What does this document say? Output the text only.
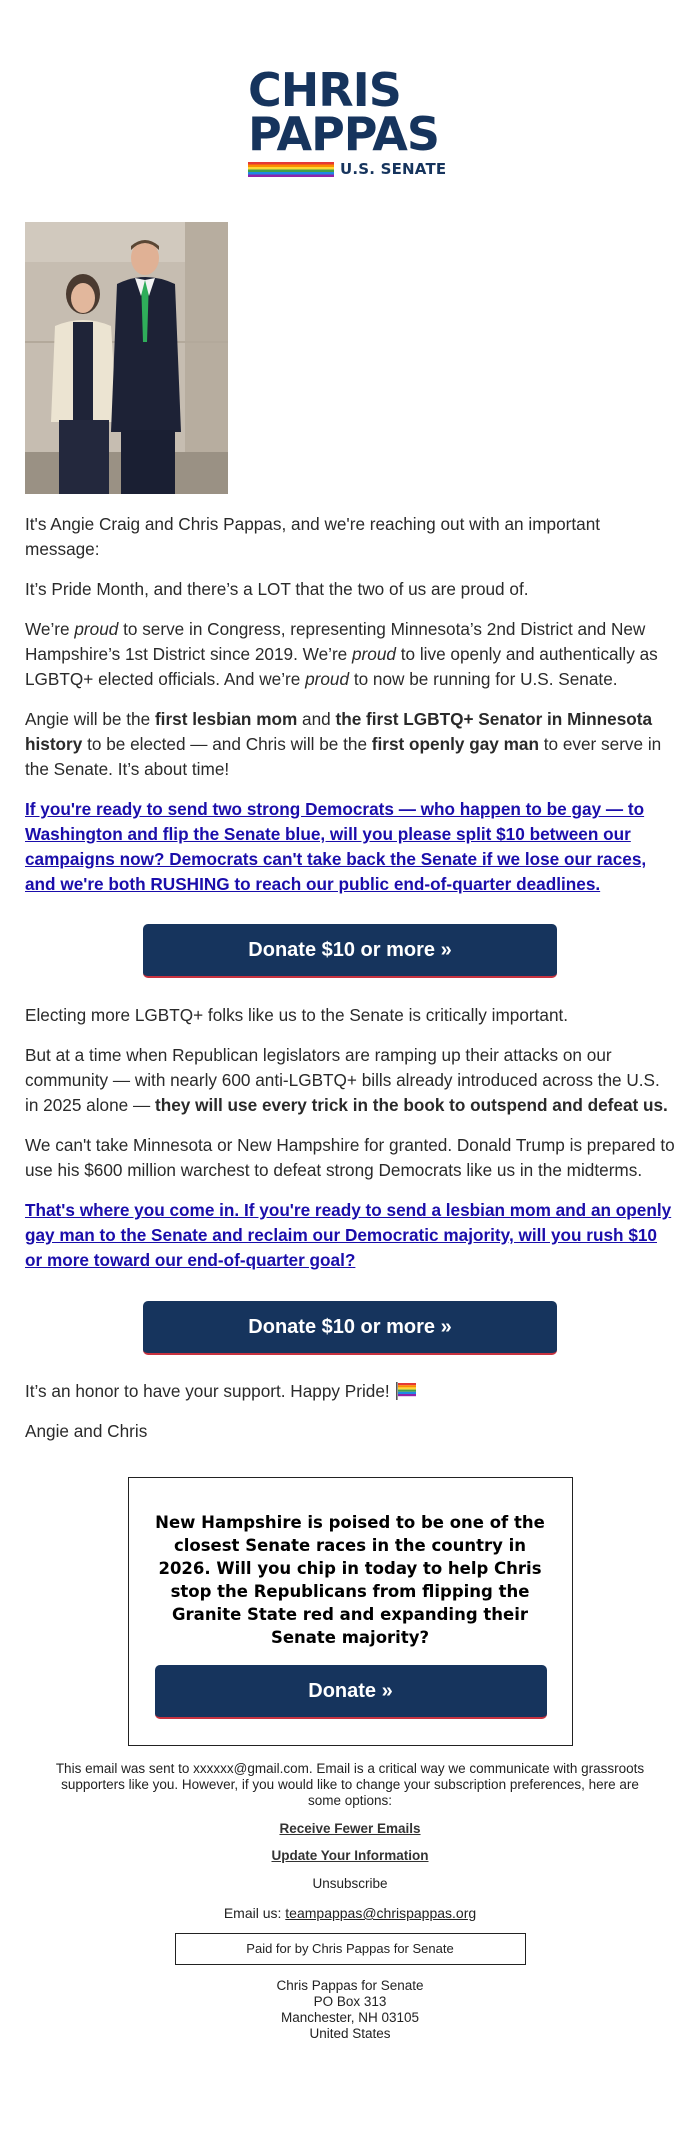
CHRIS
PAPPAS
U.S. SENATE

It's Angie Craig and Chris Pappas, and we're reaching out with an important message:

It’s Pride Month, and there’s a LOT that the two of us are proud of.

We’re proud to serve in Congress, representing Minnesota’s 2nd District and New Hampshire’s 1st District since 2019. We’re proud to live openly and authentically as LGBTQ+ elected officials. And we’re proud to now be running for U.S. Senate.

Angie will be the first lesbian mom and the first LGBTQ+ Senator in Minnesota history to be elected — and Chris will be the first openly gay man to ever serve in the Senate. It’s about time!

If you're ready to send two strong Democrats — who happen to be gay — to Washington and flip the Senate blue, will you please split $10 between our campaigns now? Democrats can't take back the Senate if we lose our races, and we're both RUSHING to reach our public end-of-quarter deadlines.
Donate $10 or more »

Electing more LGBTQ+ folks like us to the Senate is critically important.

But at a time when Republican legislators are ramping up their attacks on our community — with nearly 600 anti-LGBTQ+ bills already introduced across the U.S. in 2025 alone — they will use every trick in the book to outspend and defeat us.

We can't take Minnesota or New Hampshire for granted. Donald Trump is prepared to use his $600 million warchest to defeat strong Democrats like us in the midterms.

That's where you come in. If you're ready to send a lesbian mom and an openly gay man to the Senate and reclaim our Democratic majority, will you rush $10 or more toward our end-of-quarter goal?
Donate $10 or more »

It’s an honor to have your support. Happy Pride!

Angie and Chris

New Hampshire is poised to be one of the closest Senate races in the country in 2026. Will you chip in today to help Chris stop the Republicans from flipping the Granite State red and expanding their Senate majority?

Donate »
This email was sent to xxxxxx@gmail.com. Email is a critical way we communicate with grassroots supporters like you. However, if you would like to change your subscription preferences, here are some options:
Receive Fewer Emails
Update Your Information
Unsubscribe
Email us: teampappas@chrispappas.org
Paid for by Chris Pappas for Senate
Chris Pappas for Senate
PO Box 313
Manchester, NH 03105
United States
